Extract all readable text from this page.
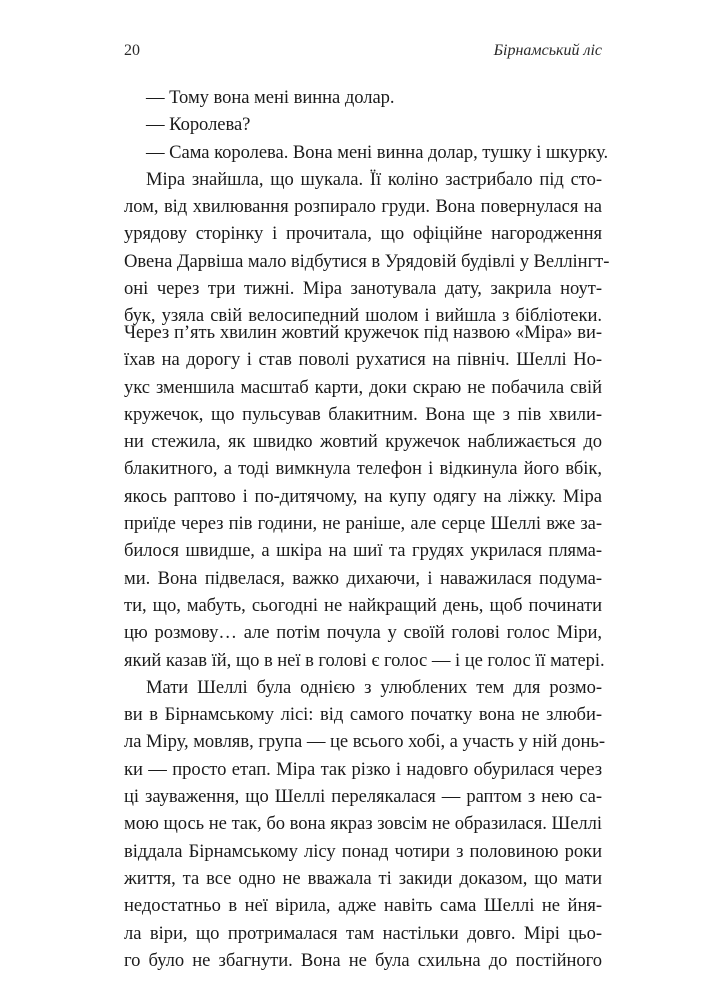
20	Бірнамський ліс
— Тому вона мені винна долар.
— Королева?
— Сама королева. Вона мені винна долар, тушку і шкурку.
Міра знайшла, що шукала. Її коліно застрибало під сто-
лом, від хвилювання розпирало груди. Вона повернулася на
урядову сторінку і прочитала, що офіційне нагородження
Овена Дарвіша мало відбутися в Урядовій будівлі у Веллінгт-
оні через три тижні. Міра занотувала дату, закрила ноут-
бук, узяла свій велосипедний шолом і вийшла з бібліотеки.
Через п’ять хвилин жовтий кружечок під назвою «Міра» ви-
їхав на дорогу і став поволі рухатися на північ. Шеллі Но-
укс зменшила масштаб карти, доки скраю не побачила свій
кружечок, що пульсував блакитним. Вона ще з пів хвили-
ни стежила, як швидко жовтий кружечок наближається до
блакитного, а тоді вимкнула телефон і відкинула його вбік,
якось раптово і по-дитячому, на купу одягу на ліжку. Міра
приїде через пів години, не раніше, але серце Шеллі вже за-
билося швидше, а шкіра на шиї та грудях укрилася пляма-
ми. Вона підвелася, важко дихаючи, і наважилася подума-
ти, що, мабуть, сьогодні не найкращий день, щоб починати
цю розмову… але потім почула у своїй голові голос Міри,
який казав їй, що в неї в голові є голос — і це голос її матері.
Мати Шеллі була однією з улюблених тем для розмо-
ви в Бірнамському лісі: від самого початку вона не злюби-
ла Міру, мовляв, група — це всього хобі, а участь у ній донь-
ки — просто етап. Міра так різко і надовго обурилася через
ці зауваження, що Шеллі перелякалася — раптом з нею са-
мою щось не так, бо вона якраз зовсім не образилася. Шеллі
віддала Бірнамському лісу понад чотири з половиною роки
життя, та все одно не вважала ті закиди доказом, що мати
недостатньо в неї вірила, адже навіть сама Шеллі не йня-
ла віри, що протрималася там настільки довго. Мірі цьо-
го було не збагнути. Вона не була схильна до постійного
